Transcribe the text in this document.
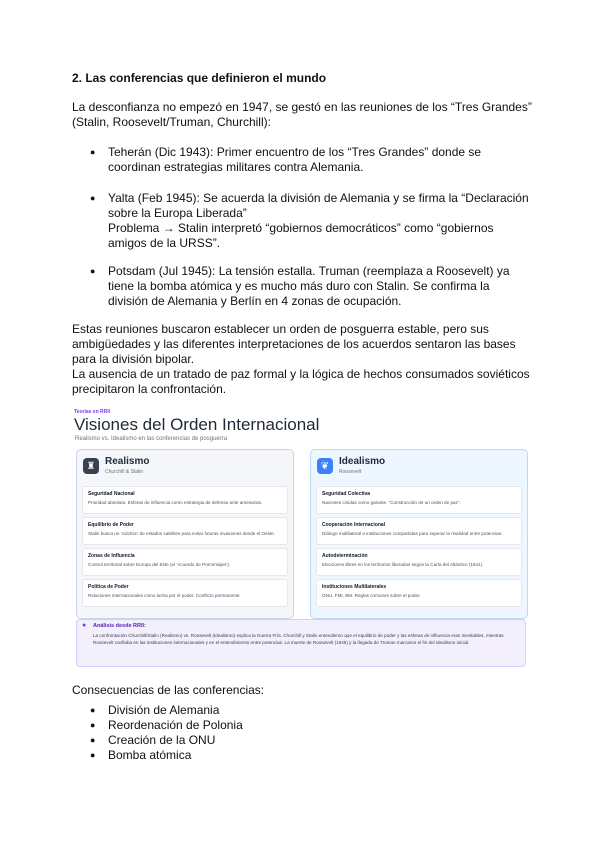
2. Las conferencias que definieron el mundo
La desconfianza no empezó en 1947, se gestó en las reuniones de los “Tres Grandes” (Stalin, Roosevelt/Truman, Churchill):
● Teherán (Dic 1943): Primer encuentro de los “Tres Grandes” donde se coordinan estrategias militares contra Alemania.
● Yalta (Feb 1945): Se acuerda la división de Alemania y se firma la “Declaración sobre la Europa Liberada”
Problema → Stalin interpretó “gobiernos democráticos” como “gobiernos amigos de la URSS”.
● Potsdam (Jul 1945): La tensión estalla. Truman (reemplaza a Roosevelt) ya tiene la bomba atómica y es mucho más duro con Stalin. Se confirma la división de Alemania y Berlín en 4 zonas de ocupación.
Estas reuniones buscaron establecer un orden de posguerra estable, pero sus ambigüedades y las diferentes interpretaciones de los acuerdos sentaron las bases para la división bipolar.
La ausencia de un tratado de paz formal y la lógica de hechos consumados soviéticos precipitaron la confrontación.
Teorías en RRII
Visiones del Orden Internacional
Realismo vs. Idealismo en las conferencias de posguerra
♜ Realismo
Churchill & Stalin
Seguridad Nacional
Prioridad absoluta. Esferas de influencia como estrategia de defensa ante amenazas.
Equilibrio de Poder
Stalin busca un ‘colchón’ de estados satélites para evitar futuras invasiones desde el Oeste.
Zonas de Influencia
Control territorial sobre Europa del Este (el ‘Acuerdo de Porcentajes’).
Política de Poder
Relaciones internacionales como lucha por el poder. Conflicto permanente.
❦ Idealismo
Roosevelt
Seguridad Colectiva
Naciones Unidas como garante. “Construcción de un orden de paz”.
Cooperación Internacional
Diálogo multilateral e instituciones compartidas para superar la rivalidad entre potencias.
Autodeterminación
Elecciones libres en los territorios liberados según la Carta del Atlántico (1941).
Instituciones Multilaterales
ONU, FMI, BM. Reglas comunes sobre el poder.
● Análisis desde RRII:
La confrontación Churchill/Stalin (Realismo) vs. Roosevelt (Idealismo) explica la Guerra Fría. Churchill y Stalin entendieron que el equilibrio de poder y las esferas de influencia eran inevitables, mientras Roosevelt confiaba en las instituciones internacionales y en el entendimiento entre potencias. La muerte de Roosevelt (1945) y la llegada de Truman marcaron el fin del idealismo inicial.
Consecuencias de las conferencias:
● División de Alemania
● Reordenación de Polonia
● Creación de la ONU
● Bomba atómica
